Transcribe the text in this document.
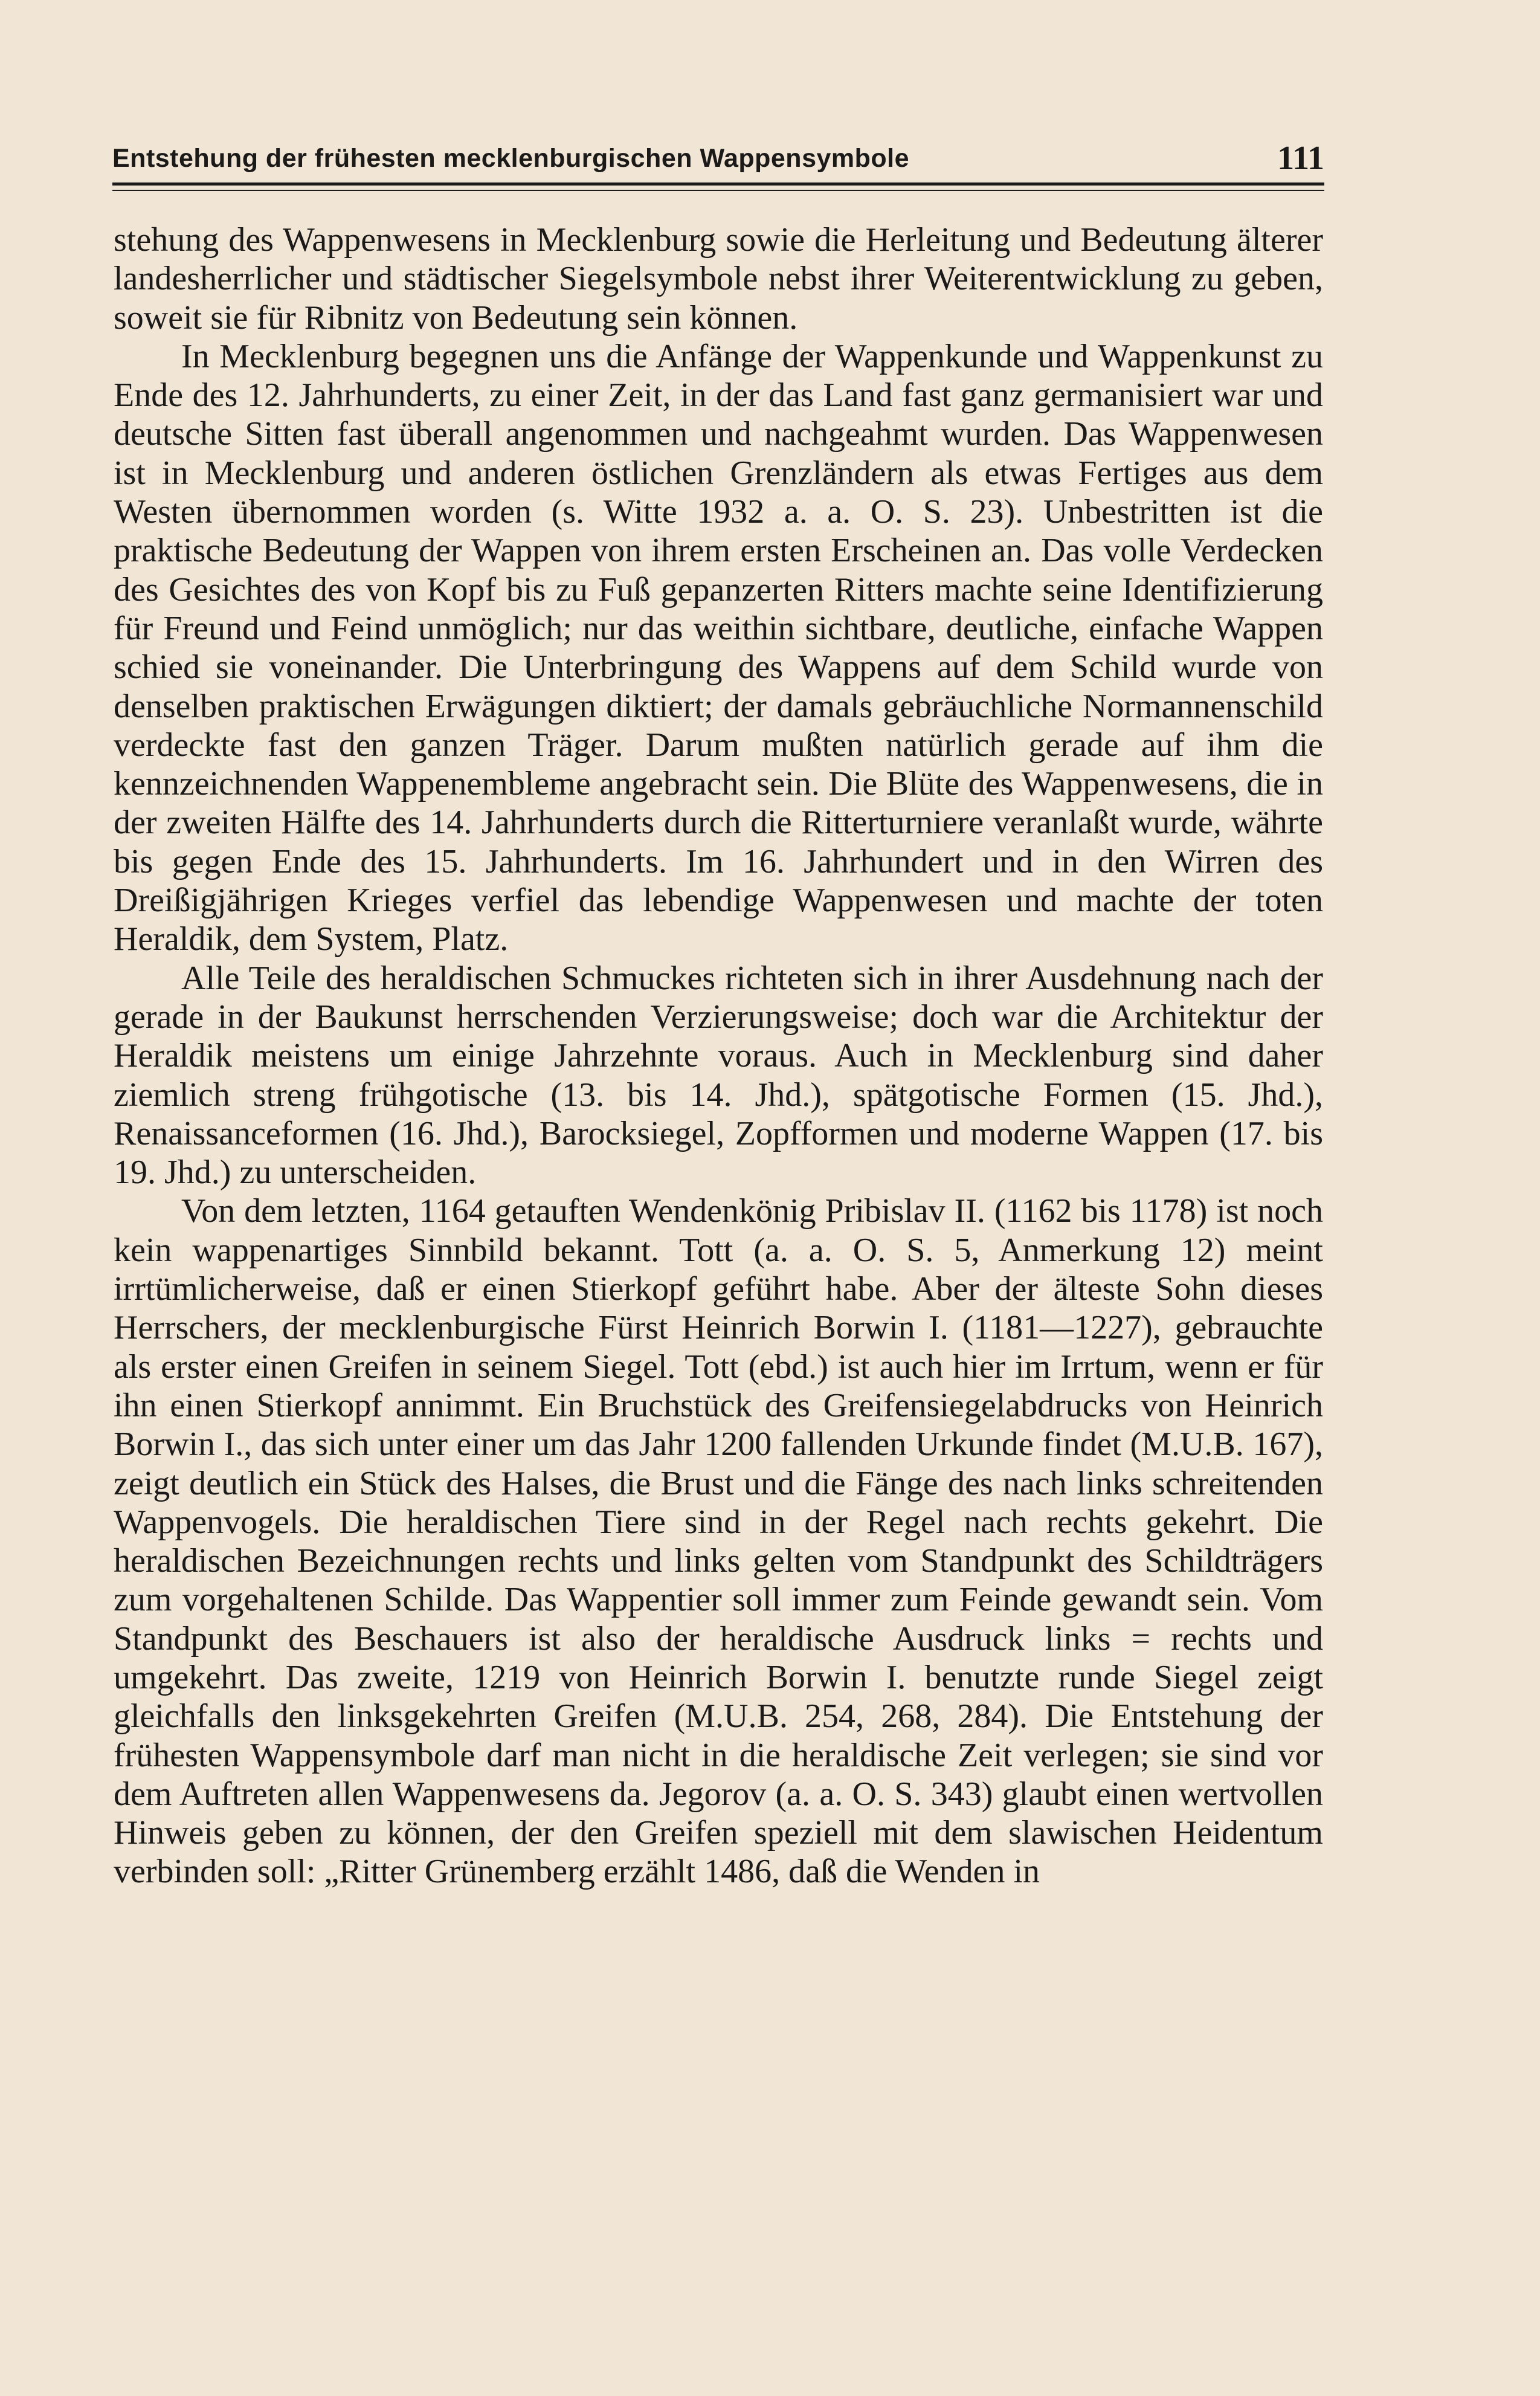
Entstehung der frühesten mecklenburgischen Wappensymbole	111

stehung des Wappenwesens in Mecklenburg sowie die Herleitung und Bedeutung älterer landesherrlicher und städtischer Siegelsymbole nebst ihrer Weiterentwicklung zu geben, soweit sie für Ribnitz von Bedeutung sein können.

In Mecklenburg begegnen uns die Anfänge der Wappenkunde und Wappenkunst zu Ende des 12. Jahrhunderts, zu einer Zeit, in der das Land fast ganz germanisiert war und deutsche Sitten fast überall angenommen und nachgeahmt wurden. Das Wappenwesen ist in Mecklenburg und anderen östlichen Grenzländern als etwas Fertiges aus dem Westen übernommen worden (s. Witte 1932 a. a. O. S. 23). Unbestritten ist die praktische Bedeutung der Wappen von ihrem ersten Erscheinen an. Das volle Verdecken des Gesichtes des von Kopf bis zu Fuß gepanzerten Ritters machte seine Identifizierung für Freund und Feind unmöglich; nur das weithin sichtbare, deutliche, einfache Wappen schied sie voneinander. Die Unterbringung des Wappens auf dem Schild wurde von denselben praktischen Erwägungen diktiert; der damals gebräuchliche Normannenschild verdeckte fast den ganzen Träger. Darum mußten natürlich gerade auf ihm die kennzeichnenden Wappenembleme angebracht sein. Die Blüte des Wappenwesens, die in der zweiten Hälfte des 14. Jahrhunderts durch die Ritterturniere veranlaßt wurde, währte bis gegen Ende des 15. Jahrhunderts. Im 16. Jahrhundert und in den Wirren des Dreißigjährigen Krieges verfiel das lebendige Wappenwesen und machte der toten Heraldik, dem System, Platz.

Alle Teile des heraldischen Schmuckes richteten sich in ihrer Ausdehnung nach der gerade in der Baukunst herrschenden Verzierungsweise; doch war die Architektur der Heraldik meistens um einige Jahrzehnte voraus. Auch in Mecklenburg sind daher ziemlich streng frühgotische (13. bis 14. Jhd.), spätgotische Formen (15. Jhd.), Renaissanceformen (16. Jhd.), Barocksiegel, Zopfformen und moderne Wappen (17. bis 19. Jhd.) zu unterscheiden.

Von dem letzten, 1164 getauften Wendenkönig Pribislav II. (1162 bis 1178) ist noch kein wappenartiges Sinnbild bekannt. Tott (a. a. O. S. 5, Anmerkung 12) meint irrtümlicherweise, daß er einen Stierkopf geführt habe. Aber der älteste Sohn dieses Herrschers, der mecklenburgische Fürst Heinrich Borwin I. (1181—1227), gebrauchte als erster einen Greifen in seinem Siegel. Tott (ebd.) ist auch hier im Irrtum, wenn er für ihn einen Stierkopf annimmt. Ein Bruchstück des Greifensiegelabdrucks von Heinrich Borwin I., das sich unter einer um das Jahr 1200 fallenden Urkunde findet (M.U.B. 167), zeigt deutlich ein Stück des Halses, die Brust und die Fänge des nach links schreitenden Wappenvogels. Die heraldischen Tiere sind in der Regel nach rechts gekehrt. Die heraldischen Bezeichnungen rechts und links gelten vom Standpunkt des Schildträgers zum vorgehaltenen Schilde. Das Wappentier soll immer zum Feinde gewandt sein. Vom Standpunkt des Beschauers ist also der heraldische Ausdruck links = rechts und umgekehrt. Das zweite, 1219 von Heinrich Borwin I. benutzte runde Siegel zeigt gleichfalls den linksgekehrten Greifen (M.U.B. 254, 268, 284). Die Entstehung der frühesten Wappensymbole darf man nicht in die heraldische Zeit verlegen; sie sind vor dem Auftreten allen Wappenwesens da. Jegorov (a. a. O. S. 343) glaubt einen wertvollen Hinweis geben zu können, der den Greifen speziell mit dem slawischen Heidentum verbinden soll: „Ritter Grünemberg erzählt 1486, daß die Wenden in
